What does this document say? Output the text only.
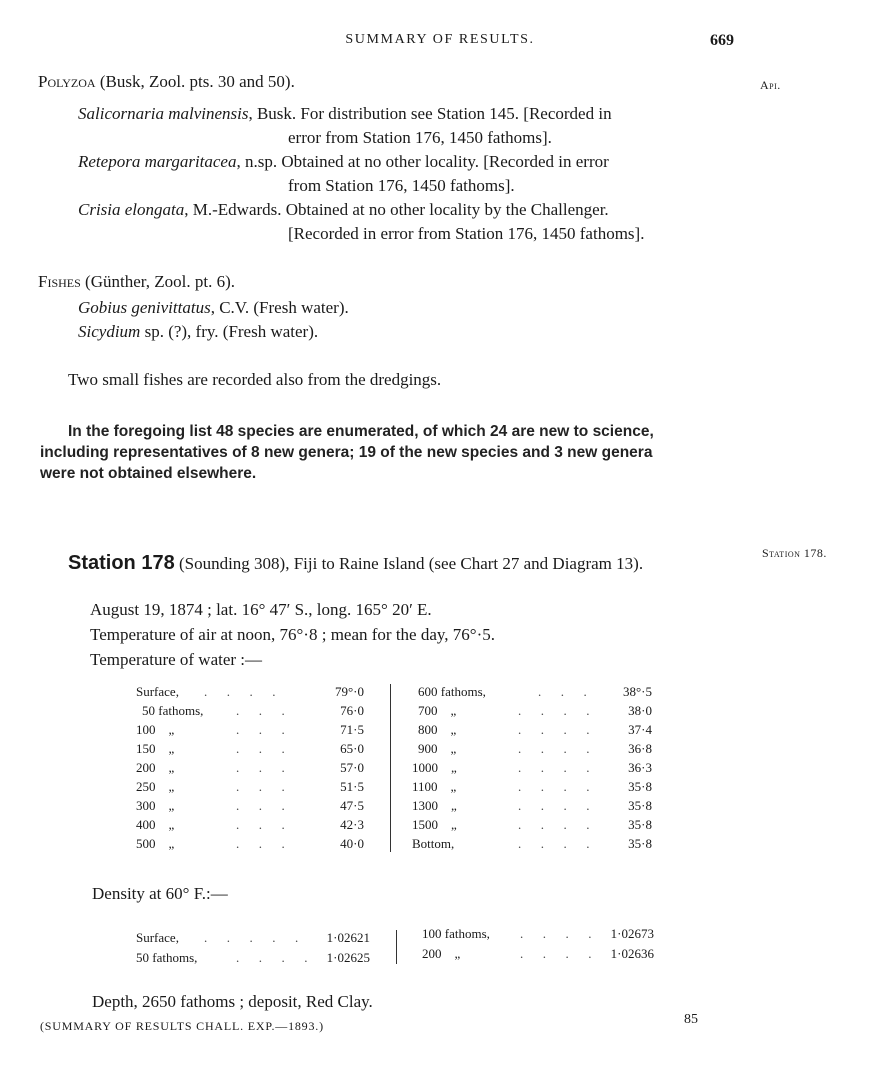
SUMMARY OF RESULTS.	669
Api.
Polyzoa (Busk, Zool. pts. 30 and 50).
Salicornaria malvinensis, Busk. For distribution see Station 145. [Recorded in
error from Station 176, 1450 fathoms].
Retepora margaritacea, n.sp. Obtained at no other locality. [Recorded in error
from Station 176, 1450 fathoms].
Crisia elongata, M.-Edwards. Obtained at no other locality by the Challenger.
[Recorded in error from Station 176, 1450 fathoms].
Fishes (Günther, Zool. pt. 6).
Gobius genivittatus, C.V. (Fresh water).
Sicydium sp. (?), fry. (Fresh water).
Two small fishes are recorded also from the dredgings.
In the foregoing list 48 species are enumerated, of which 24 are new to science,
including representatives of 8 new genera; 19 of the new species and 3 new genera
were not obtained elsewhere.
Station 178 (Sounding 308), Fiji to Raine Island (see Chart 27 and Diagram 13).
Station 178.
August 19, 1874 ; lat. 16° 47′ S., long. 165° 20′ E.
Temperature of air at noon, 76°·8 ; mean for the day, 76°·5.
Temperature of water :—
Surface, .      .      .      .	79°·0
50 fathoms,	.      .      .	76·0
100    „	.      .      .	71·5
150    „	.      .      .	65·0
200    „	.      .      .	57·0
250    „	.      .      .	51·5
300    „	.      .      .	47·5
400    „	.      .      .	42·3
500    „	.      .      .	40·0
600 fathoms,	.      .      .	38°·5
700    „	.      .      .      .	38·0
800    „	.      .      .      .	37·4
900    „	.      .      .      .	36·8
1000    „	.      .      .      .	36·3
1100    „	.      .      .      .	35·8
1300    „	.      .      .      .	35·8
1500    „	.      .      .      .	35·8
Bottom,	.      .      .      .	35·8
Density at 60° F.:—
Surface, .      .      .      .      . 1·02621
50 fathoms,	.      .      .      . 1·02625
100 fathoms, .      .      .      . 1·02673
200    „	.      .      .      . 1·02636
Depth, 2650 fathoms ; deposit, Red Clay.
(SUMMARY OF RESULTS CHALL. EXP.—1893.)	85
